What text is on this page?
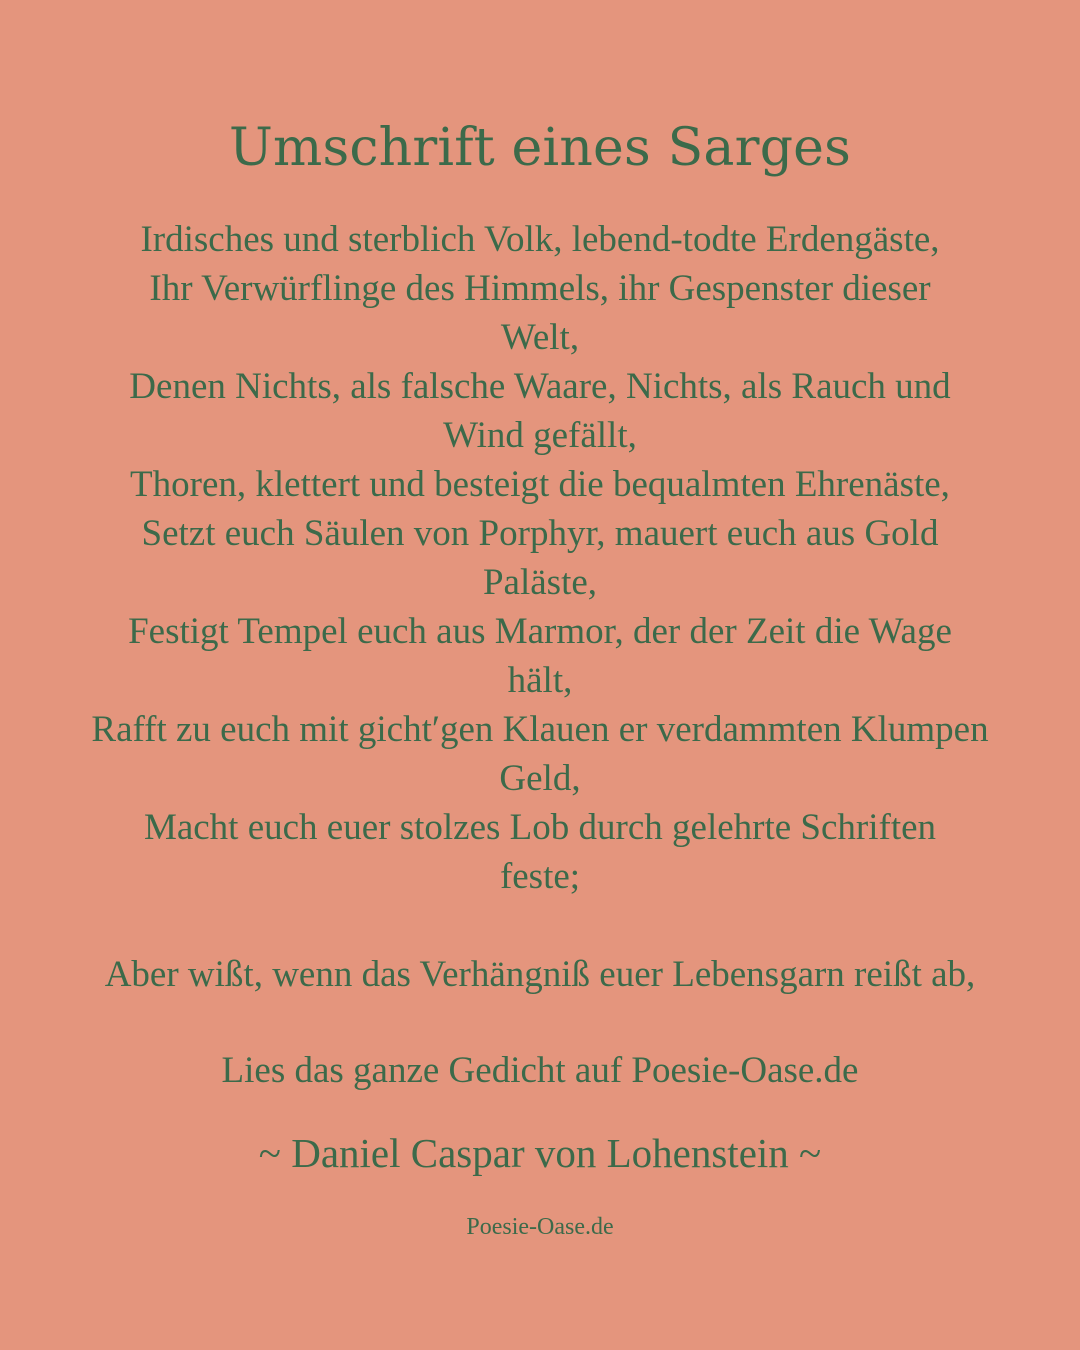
Umschrift eines Sarges
Irdisches und sterblich Volk, lebend-todte Erdengäste,
Ihr Verwürflinge des Himmels, ihr Gespenster dieser
Welt,
Denen Nichts, als falsche Waare, Nichts, als Rauch und
Wind gefällt,
Thoren, klettert und besteigt die bequalmten Ehrenäste,
Setzt euch Säulen von Porphyr, mauert euch aus Gold
Paläste,
Festigt Tempel euch aus Marmor, der der Zeit die Wage
hält,
Rafft zu euch mit gicht′gen Klauen er verdammten Klumpen
Geld,
Macht euch euer stolzes Lob durch gelehrte Schriften
feste;
Aber wißt, wenn das Verhängniß euer Lebensgarn reißt ab,
Lies das ganze Gedicht auf Poesie-Oase.de
~ Daniel Caspar von Lohenstein ~
Poesie-Oase.de
